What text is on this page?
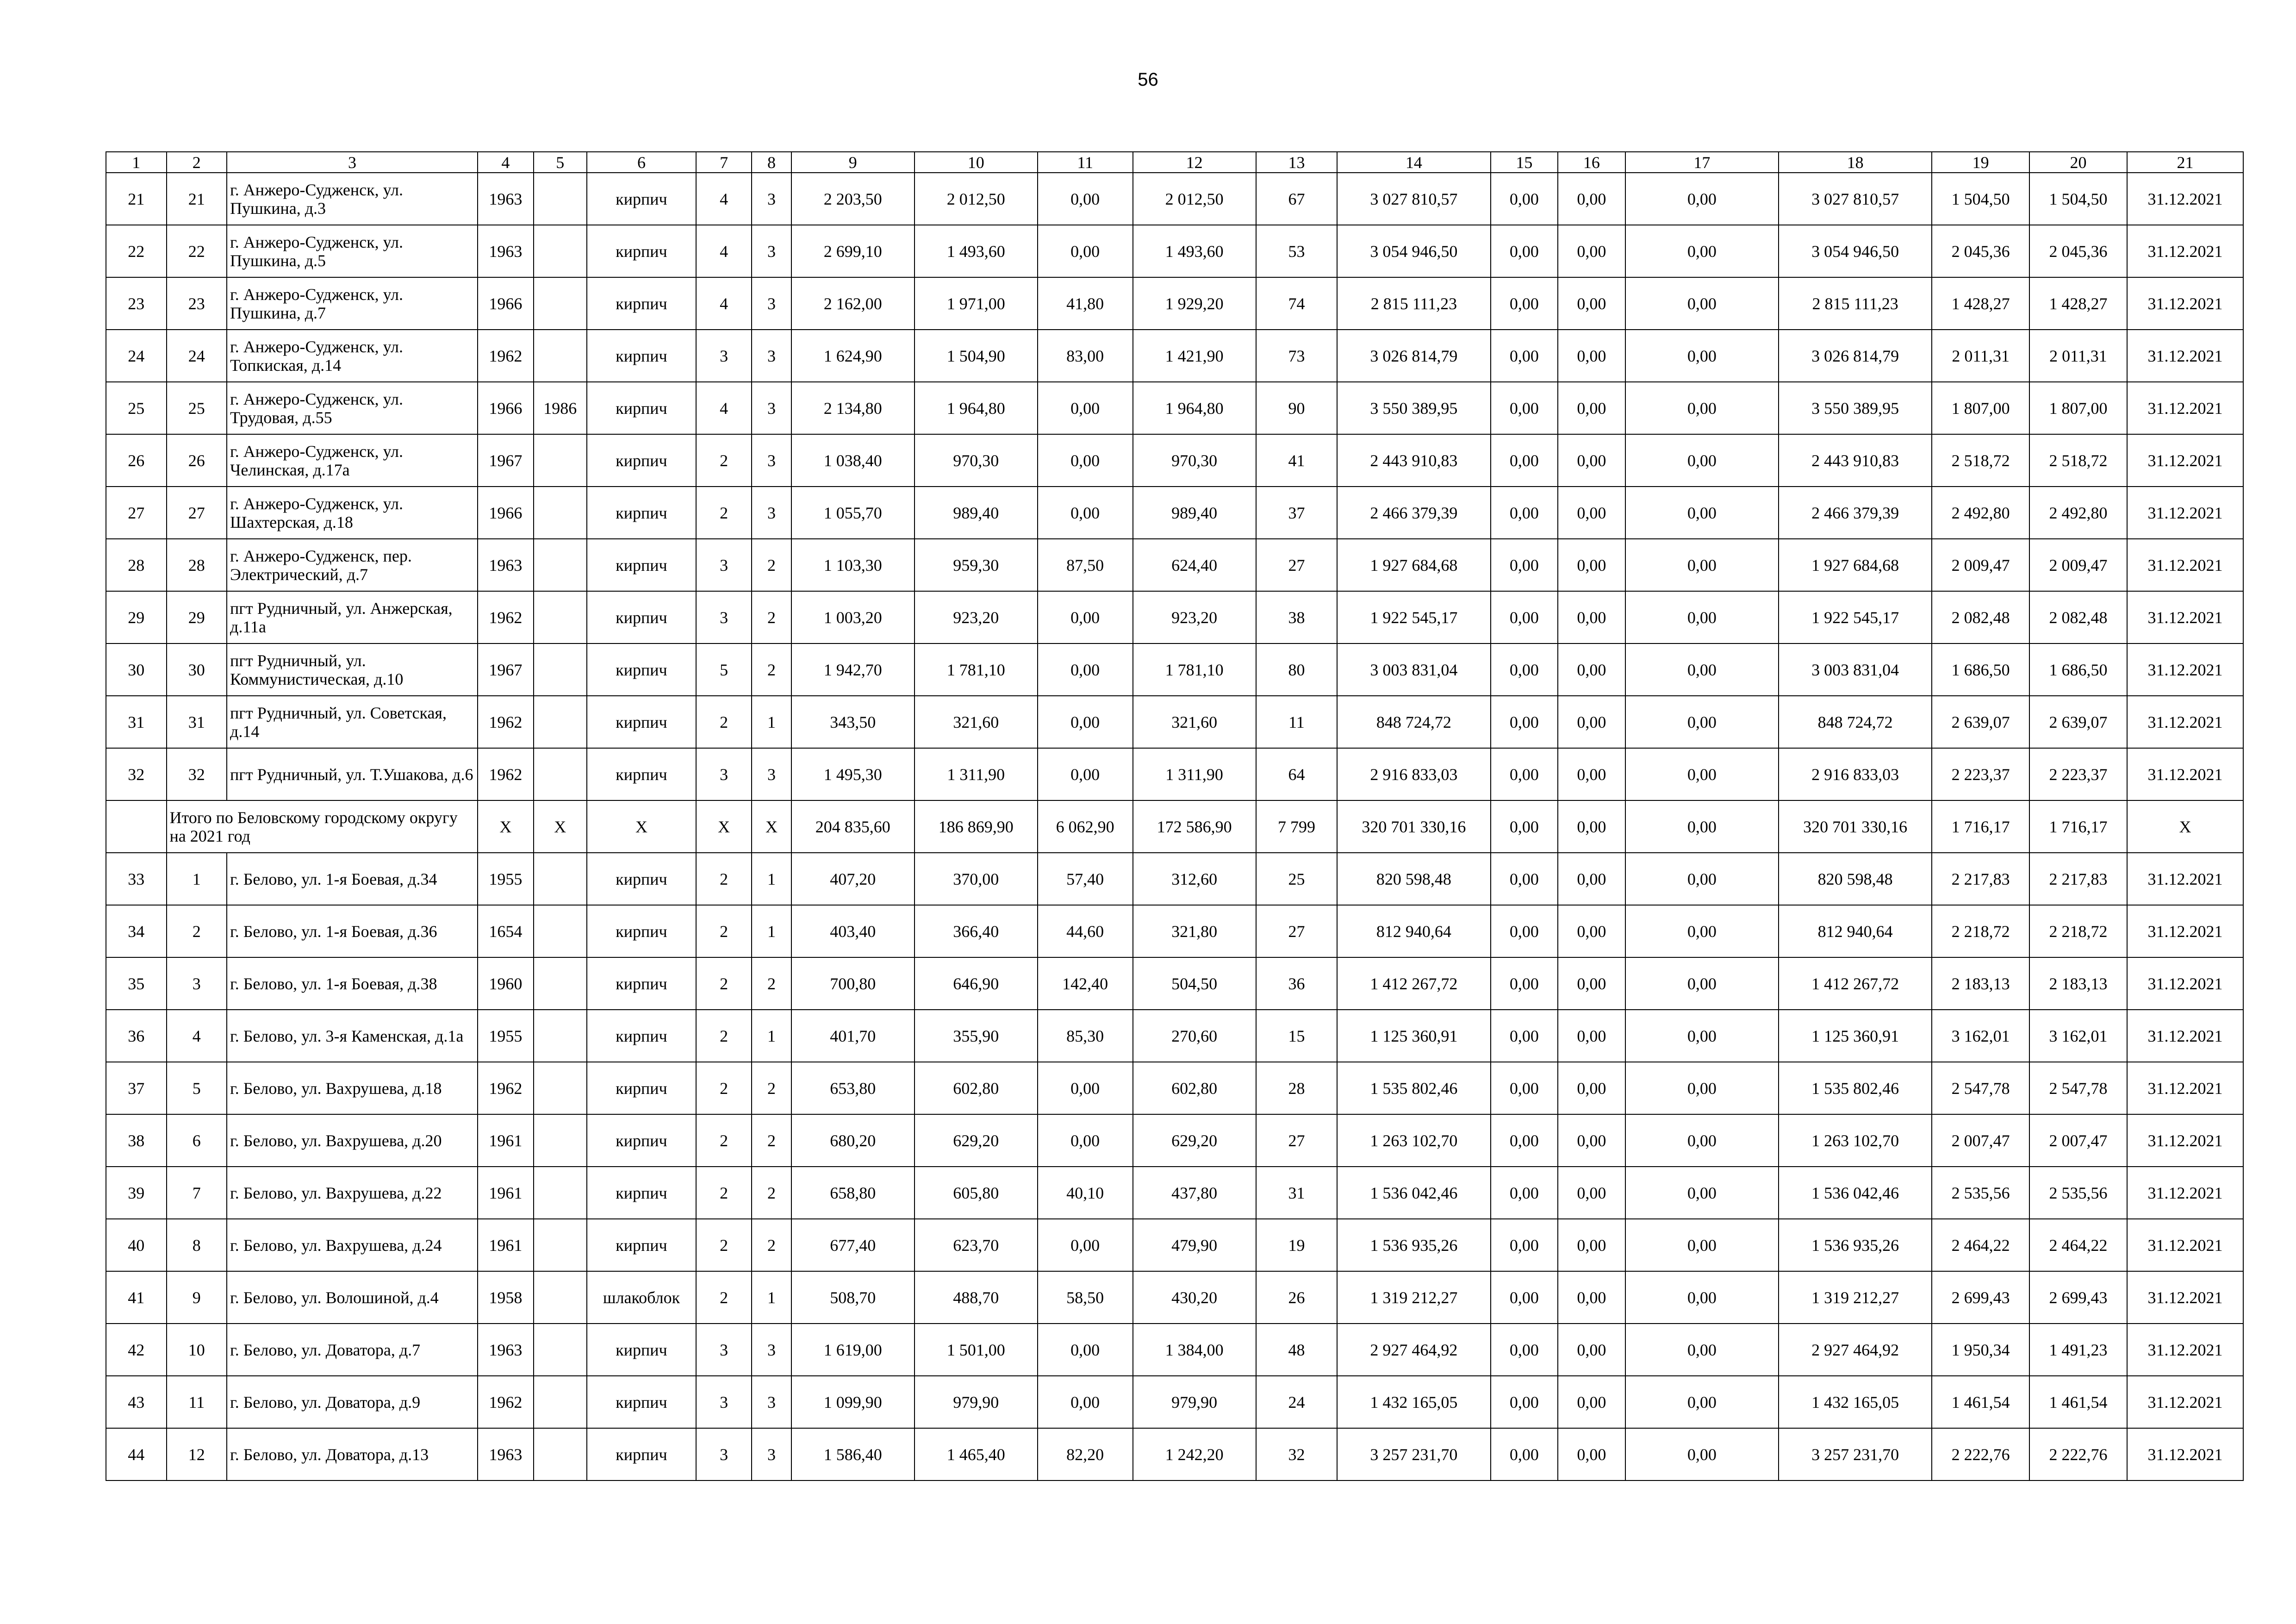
56
1	2	3	4	5	6	7	8	9	10	11	12	13	14	15	16	17	18	19	20	21
21	21	г. Анжеро-Судженск, ул. Пушкина, д.3	1963		кирпич	4	3	2 203,50	2 012,50	0,00	2 012,50	67	3 027 810,57	0,00	0,00	0,00	3 027 810,57	1 504,50	1 504,50	31.12.2021
22	22	г. Анжеро-Судженск, ул. Пушкина, д.5	1963		кирпич	4	3	2 699,10	1 493,60	0,00	1 493,60	53	3 054 946,50	0,00	0,00	0,00	3 054 946,50	2 045,36	2 045,36	31.12.2021
23	23	г. Анжеро-Судженск, ул. Пушкина, д.7	1966		кирпич	4	3	2 162,00	1 971,00	41,80	1 929,20	74	2 815 111,23	0,00	0,00	0,00	2 815 111,23	1 428,27	1 428,27	31.12.2021
24	24	г. Анжеро-Судженск, ул. Топкиская, д.14	1962		кирпич	3	3	1 624,90	1 504,90	83,00	1 421,90	73	3 026 814,79	0,00	0,00	0,00	3 026 814,79	2 011,31	2 011,31	31.12.2021
25	25	г. Анжеро-Судженск, ул. Трудовая, д.55	1966	1986	кирпич	4	3	2 134,80	1 964,80	0,00	1 964,80	90	3 550 389,95	0,00	0,00	0,00	3 550 389,95	1 807,00	1 807,00	31.12.2021
26	26	г. Анжеро-Судженск, ул. Челинская, д.17а	1967		кирпич	2	3	1 038,40	970,30	0,00	970,30	41	2 443 910,83	0,00	0,00	0,00	2 443 910,83	2 518,72	2 518,72	31.12.2021
27	27	г. Анжеро-Судженск, ул. Шахтерская, д.18	1966		кирпич	2	3	1 055,70	989,40	0,00	989,40	37	2 466 379,39	0,00	0,00	0,00	2 466 379,39	2 492,80	2 492,80	31.12.2021
28	28	г. Анжеро-Судженск, пер. Электрический, д.7	1963		кирпич	3	2	1 103,30	959,30	87,50	624,40	27	1 927 684,68	0,00	0,00	0,00	1 927 684,68	2 009,47	2 009,47	31.12.2021
29	29	пгт Рудничный, ул. Анжерская, д.11а	1962		кирпич	3	2	1 003,20	923,20	0,00	923,20	38	1 922 545,17	0,00	0,00	0,00	1 922 545,17	2 082,48	2 082,48	31.12.2021
30	30	пгт Рудничный, ул. Коммунистическая, д.10	1967		кирпич	5	2	1 942,70	1 781,10	0,00	1 781,10	80	3 003 831,04	0,00	0,00	0,00	3 003 831,04	1 686,50	1 686,50	31.12.2021
31	31	пгт Рудничный, ул. Советская, д.14	1962		кирпич	2	1	343,50	321,60	0,00	321,60	11	848 724,72	0,00	0,00	0,00	848 724,72	2 639,07	2 639,07	31.12.2021
32	32	пгт Рудничный, ул. Т.Ушакова, д.6	1962		кирпич	3	3	1 495,30	1 311,90	0,00	1 311,90	64	2 916 833,03	0,00	0,00	0,00	2 916 833,03	2 223,37	2 223,37	31.12.2021
	Итого по Беловскому городскому округу на 2021 год		X	X	X	X	X	204 835,60	186 869,90	6 062,90	172 586,90	7 799	320 701 330,16	0,00	0,00	0,00	320 701 330,16	1 716,17	1 716,17	X
33	1	г. Белово, ул. 1-я Боевая, д.34	1955		кирпич	2	1	407,20	370,00	57,40	312,60	25	820 598,48	0,00	0,00	0,00	820 598,48	2 217,83	2 217,83	31.12.2021
34	2	г. Белово, ул. 1-я Боевая, д.36	1654		кирпич	2	1	403,40	366,40	44,60	321,80	27	812 940,64	0,00	0,00	0,00	812 940,64	2 218,72	2 218,72	31.12.2021
35	3	г. Белово, ул. 1-я Боевая, д.38	1960		кирпич	2	2	700,80	646,90	142,40	504,50	36	1 412 267,72	0,00	0,00	0,00	1 412 267,72	2 183,13	2 183,13	31.12.2021
36	4	г. Белово, ул. 3-я Каменская, д.1а	1955		кирпич	2	1	401,70	355,90	85,30	270,60	15	1 125 360,91	0,00	0,00	0,00	1 125 360,91	3 162,01	3 162,01	31.12.2021
37	5	г. Белово, ул. Вахрушева, д.18	1962		кирпич	2	2	653,80	602,80	0,00	602,80	28	1 535 802,46	0,00	0,00	0,00	1 535 802,46	2 547,78	2 547,78	31.12.2021
38	6	г. Белово, ул. Вахрушева, д.20	1961		кирпич	2	2	680,20	629,20	0,00	629,20	27	1 263 102,70	0,00	0,00	0,00	1 263 102,70	2 007,47	2 007,47	31.12.2021
39	7	г. Белово, ул. Вахрушева, д.22	1961		кирпич	2	2	658,80	605,80	40,10	437,80	31	1 536 042,46	0,00	0,00	0,00	1 536 042,46	2 535,56	2 535,56	31.12.2021
40	8	г. Белово, ул. Вахрушева, д.24	1961		кирпич	2	2	677,40	623,70	0,00	479,90	19	1 536 935,26	0,00	0,00	0,00	1 536 935,26	2 464,22	2 464,22	31.12.2021
41	9	г. Белово, ул. Волошиной, д.4	1958		шлакоблок	2	1	508,70	488,70	58,50	430,20	26	1 319 212,27	0,00	0,00	0,00	1 319 212,27	2 699,43	2 699,43	31.12.2021
42	10	г. Белово, ул. Доватора, д.7	1963		кирпич	3	3	1 619,00	1 501,00	0,00	1 384,00	48	2 927 464,92	0,00	0,00	0,00	2 927 464,92	1 950,34	1 491,23	31.12.2021
43	11	г. Белово, ул. Доватора, д.9	1962		кирпич	3	3	1 099,90	979,90	0,00	979,90	24	1 432 165,05	0,00	0,00	0,00	1 432 165,05	1 461,54	1 461,54	31.12.2021
44	12	г. Белово, ул. Доватора, д.13	1963		кирпич	3	3	1 586,40	1 465,40	82,20	1 242,20	32	3 257 231,70	0,00	0,00	0,00	3 257 231,70	2 222,76	2 222,76	31.12.2021
